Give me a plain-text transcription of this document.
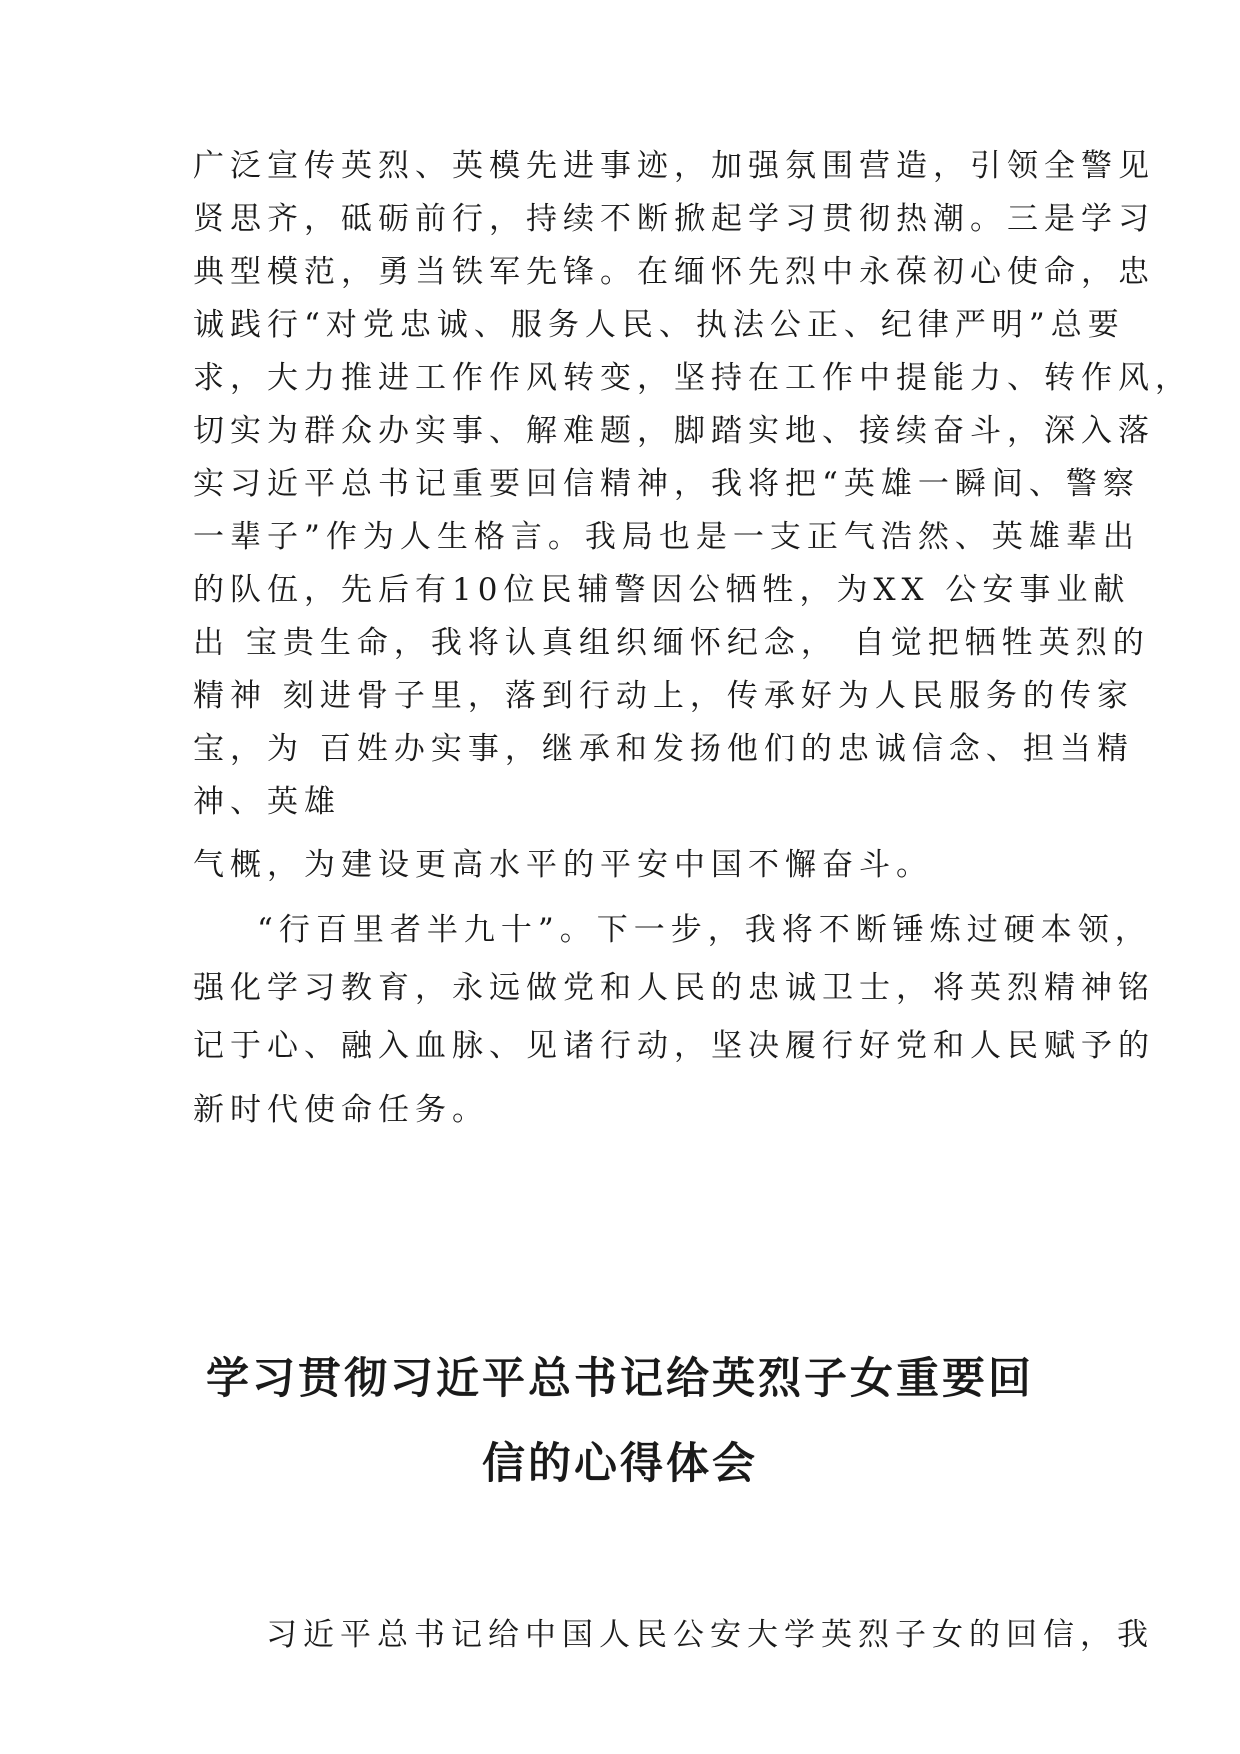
广泛宣传英烈、英模先进事迹，加强氛围营造，引领全警见
贤思齐，砥砺前行，持续不断掀起学习贯彻热潮。三是学习
典型模范，勇当铁军先锋。在缅怀先烈中永葆初心使命，忠
诚践行“对党忠诚、服务人民、执法公正、纪律严明”总要
求，大力推进工作作风转变，坚持在工作中提能力、转作风，
切实为群众办实事、解难题，脚踏实地、接续奋斗，深入落
实习近平总书记重要回信精神，我将把“英雄一瞬间、警察
一辈子”作为人生格言。我局也是一支正气浩然、英雄辈出
的队伍，先后有10位民辅警因公牺牲，为XX 公安事业献
出 宝贵生命，我将认真组织缅怀纪念， 自觉把牺牲英烈的
精神 刻进骨子里，落到行动上，传承好为人民服务的传家
宝，为 百姓办实事，继承和发扬他们的忠诚信念、担当精
神、英雄
气概，为建设更高水平的平安中国不懈奋斗。
“行百里者半九十”。下一步，我将不断锤炼过硬本领，
强化学习教育，永远做党和人民的忠诚卫士，将英烈精神铭
记于心、融入血脉、见诸行动，坚决履行好党和人民赋予的
新时代使命任务。
学习贯彻习近平总书记给英烈子女重要回
信的心得体会
习近平总书记给中国人民公安大学英烈子女的回信，我
